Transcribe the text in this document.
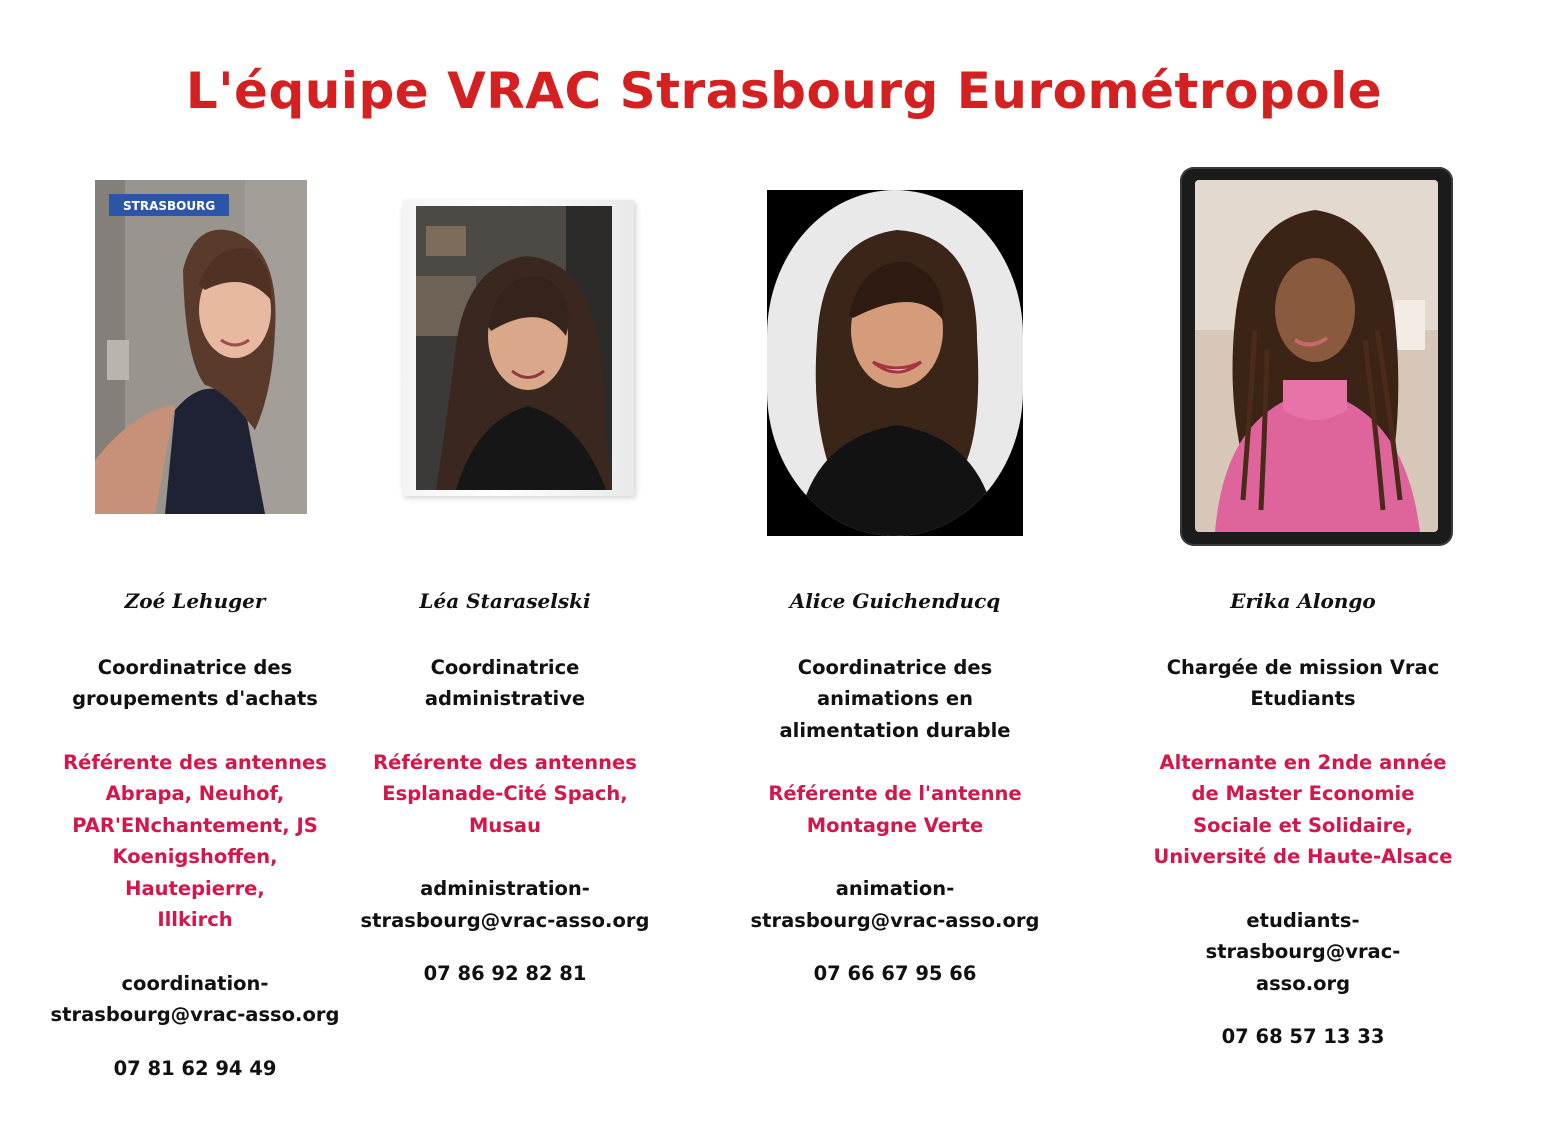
L'équipe VRAC Strasbourg Eurométropole
STRASBOURG
Zoé Lehuger
Coordinatrice des
groupements d'achats
Référente des antennes
Abrapa, Neuhof,
PAR'ENchantement, JS
Koenigshoffen, Hautepierre,
Illkirch
coordination-
strasbourg@vrac-asso.org
07 81 62 94 49
Léa Staraselski
Coordinatrice
administrative
Référente des antennes
Esplanade-Cité Spach,
Musau
administration-
strasbourg@vrac-asso.org
07 86 92 82 81
Alice Guichenducq
Coordinatrice des
animations en
alimentation durable
Référente de l'antenne
Montagne Verte
animation-
strasbourg@vrac-asso.org
07 66 67 95 66
Erika Alongo
Chargée de mission Vrac
Etudiants
Alternante en 2nde année
de Master Economie
Sociale et Solidaire,
Université de Haute-Alsace
etudiants-strasbourg@vrac-
asso.org
07 68 57 13 33
